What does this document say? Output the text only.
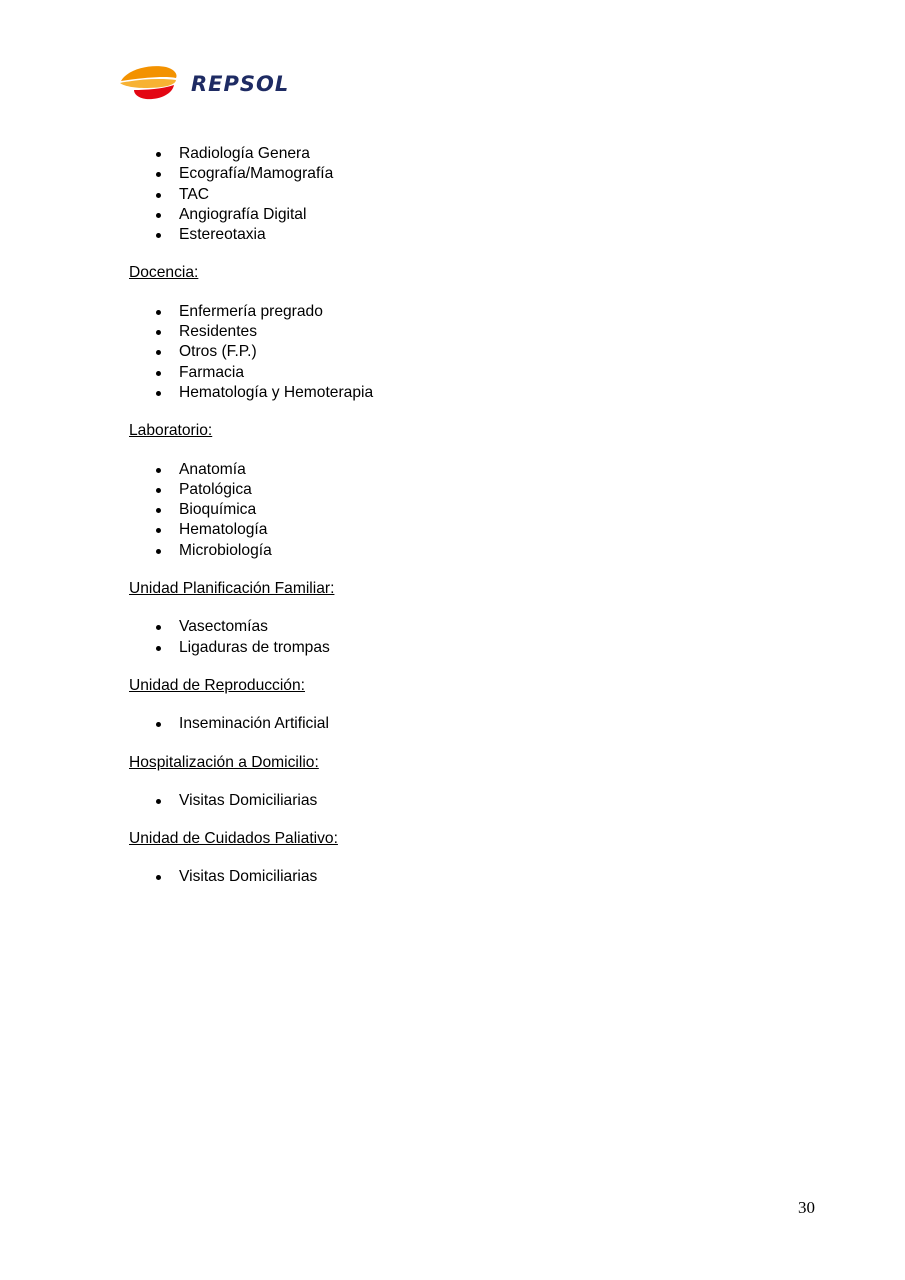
REPSOL
Radiología Genera
Ecografía/Mamografía
TAC
Angiografía Digital
Estereotaxia
Docencia:
Enfermería pregrado
Residentes
Otros (F.P.)
Farmacia
Hematología y Hemoterapia
Laboratorio:
Anatomía
Patológica
Bioquímica
Hematología
Microbiología
Unidad Planificación Familiar:
Vasectomías
Ligaduras de trompas
Unidad de Reproducción:
Inseminación Artificial
Hospitalización a Domicilio:
Visitas Domiciliarias
Unidad de Cuidados Paliativo:
Visitas Domiciliarias
30
